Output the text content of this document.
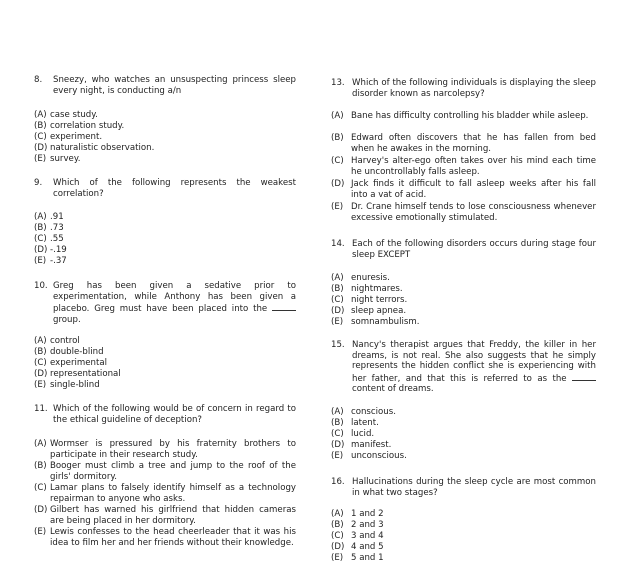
8.	Sneezy, who watches an unsuspecting princess sleep every night, is conducting a/n
(A) case study.
(B) correlation study.
(C) experiment.
(D) naturalistic observation.
(E) survey.
9.	Which of the following represents the weakest correlation?
(A) .91
(B) .73
(C) .55
(D) -.19
(E) -.37
10. Greg has been given a sedative prior to experimentation, while Anthony has been given a placebo. Greg must have been placed into the  group.
(A) control
(B) double-blind
(C) experimental
(D) representational
(E) single-blind
11. Which of the following would be of concern in regard to the ethical guideline of deception?
(A) Wormser is pressured by his fraternity brothers to participate in their research study.
(B) Booger must climb a tree and jump to the roof of the girls' dormitory.
(C) Lamar plans to falsely identify himself as a technology repairman to anyone who asks.
(D) Gilbert has warned his girlfriend that hidden cameras are being placed in her dormitory.
(E) Lewis confesses to the head cheerleader that it was his idea to film her and her friends without their knowledge.
13. Which of the following individuals is displaying the sleep disorder known as narcolepsy?
(A) Bane has difficulty controlling his bladder while asleep.
(B) Edward often discovers that he has fallen from bed when he awakes in the morning.
(C) Harvey's alter-ego often takes over his mind each time he uncontrollably falls asleep.
(D) Jack finds it difficult to fall asleep weeks after his fall into a vat of acid.
(E) Dr. Crane himself tends to lose consciousness whenever excessive emotionally stimulated.
14. Each of the following disorders occurs during stage four sleep EXCEPT
(A) enuresis.
(B) nightmares.
(C) night terrors.
(D) sleep apnea.
(E) somnambulism.
15. Nancy's therapist argues that Freddy, the killer in her dreams, is not real. She also suggests that he simply represents the hidden conflict she is experiencing with her father, and that this is referred to as the  content of dreams.
(A) conscious.
(B) latent.
(C) lucid.
(D) manifest.
(E) unconscious.
16. Hallucinations during the sleep cycle are most common in what two stages?
(A) 1 and 2
(B) 2 and 3
(C) 3 and 4
(D) 4 and 5
(E) 5 and 1
